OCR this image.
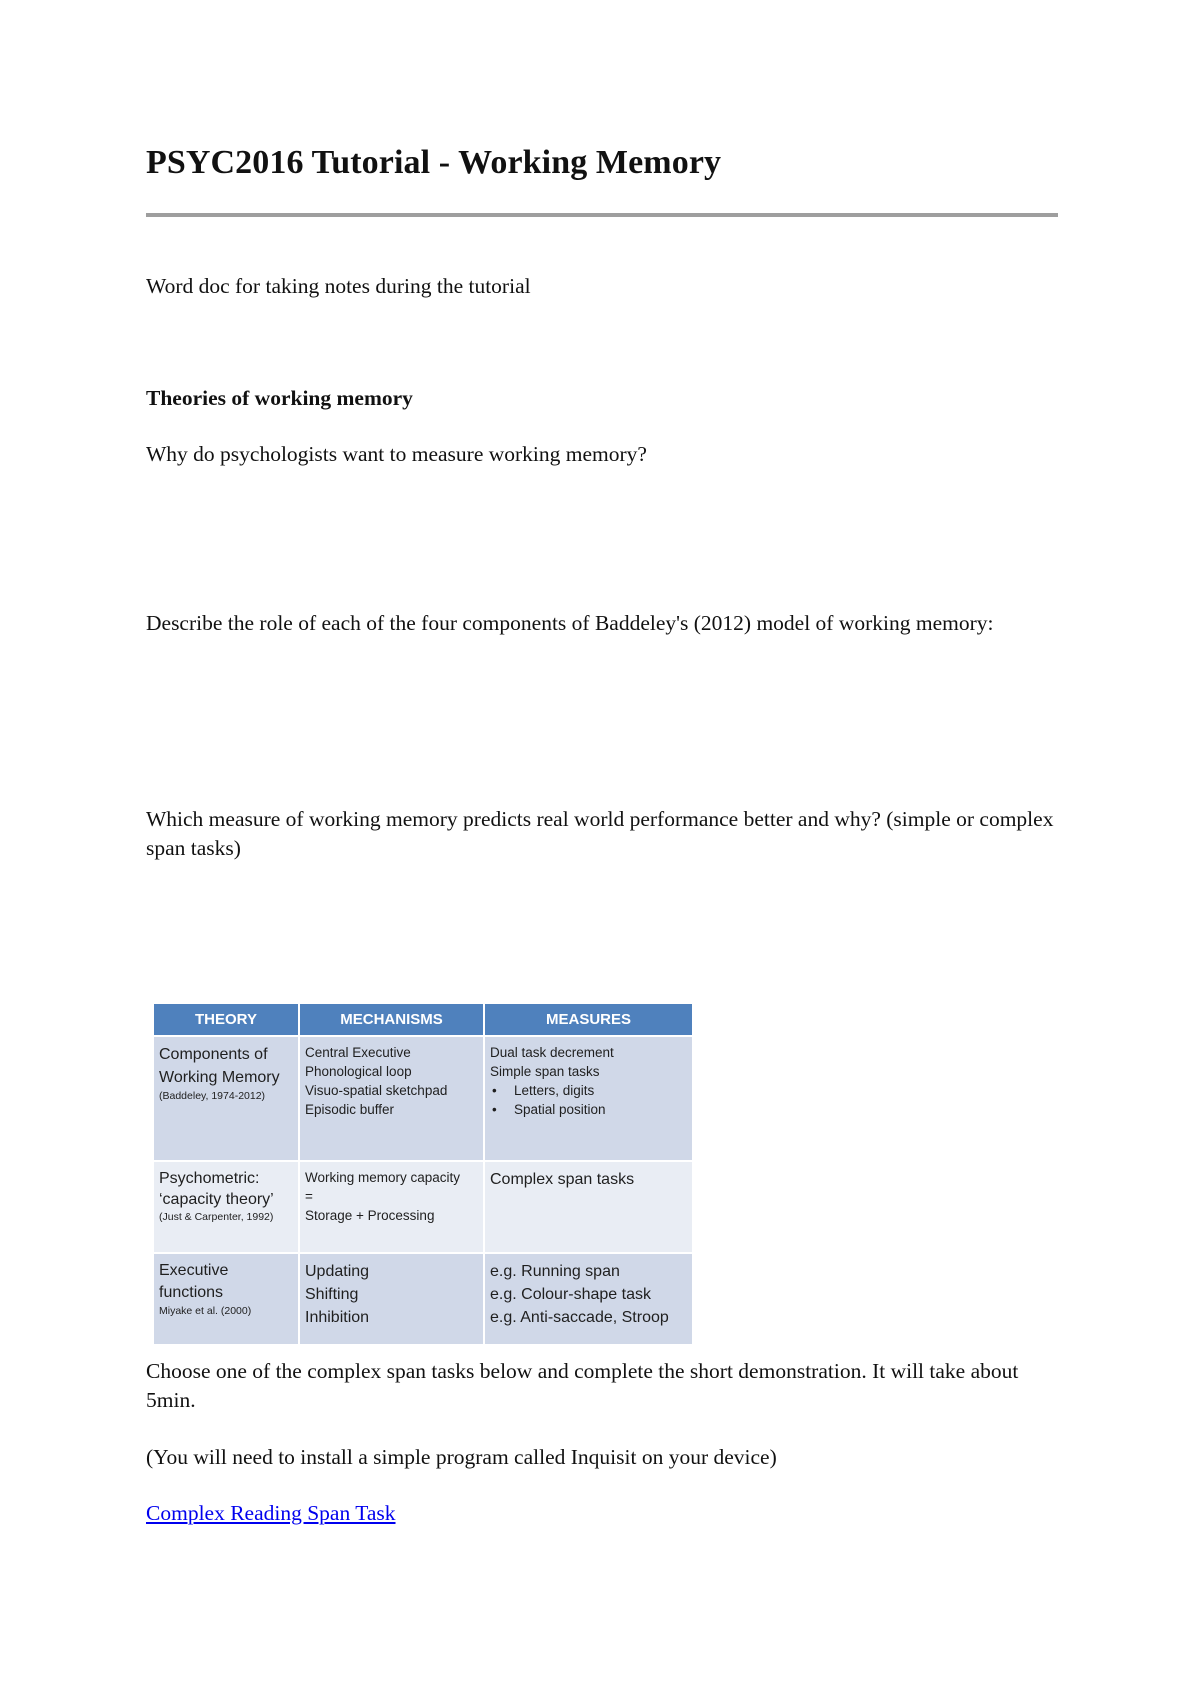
PSYC2016 Tutorial - Working Memory

Word doc for taking notes during the tutorial

Theories of working memory

Why do psychologists want to measure working memory?

Describe the role of each of the four components of Baddeley's (2012) model of working memory:

Which measure of working memory predicts real world performance better and why? (simple or complex span tasks)

THEORY	MECHANISMS	MEASURES

Components of Working Memory
(Baddeley, 1974-2012)	Central Executive
Phonological loop
Visuo-spatial sketchpad
Episodic buffer	Dual task decrement
Simple span tasks
• Letters, digits
• Spatial position

Psychometric: ‘capacity theory’
(Just & Carpenter, 1992)	Working memory capacity
=
Storage + Processing	Complex span tasks

Executive functions
Miyake et al. (2000)	Updating
Shifting
Inhibition	e.g. Running span
e.g. Colour-shape task
e.g. Anti-saccade, Stroop

Choose one of the complex span tasks below and complete the short demonstration. It will take about 5min.

(You will need to install a simple program called Inquisit on your device)

Complex Reading Span Task
